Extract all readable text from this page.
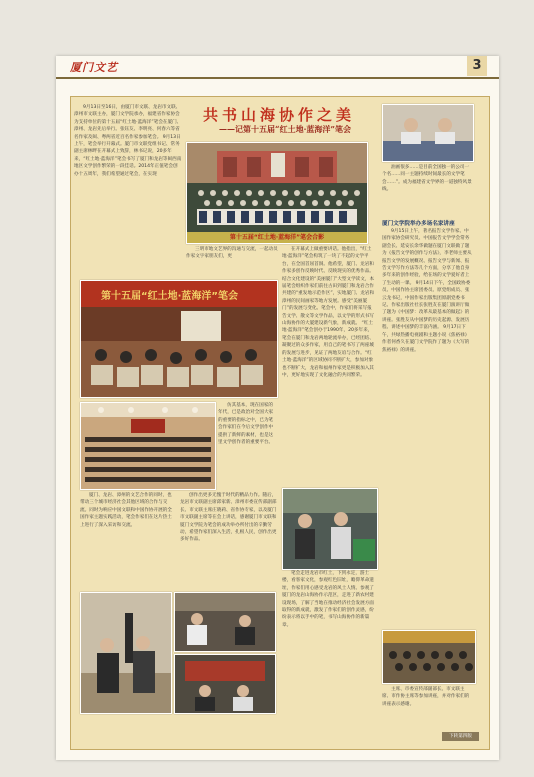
厦门文艺	3

9月13日至16日，由厦门市文联、龙岩市文联、漳州市文联主办，厦门文学院承办，福建省作家协会为支持单位的第十五届“红土地·蓝海洋”笔会在厦门、漳州、龙岩先后举行。张钰友、李明亮、何春六等省名作家及闽、粤两省近百名作家参加笔会。 9月13日上午，笔会举行开幕式。厦门市文联党组书记、常务副主席林畔在开幕式上致辞，林书记说，20多年来，“红土地·蓝海洋”笔会书写了厦门和龙岩等闽西南地区文学创作繁荣的一段佳话。2014年正值笔会创办十五周年，我们希望通过笔会，在实现

共书山海协作之美
——记第十五届“红土地·蓝海洋”笔会
第十五届“红土地·蓝海洋”笔会合影

油画很多……是目前全国独一的公司一个名……同一主题持续时间最长的文学笔会……”。成为福建省文学界的一道独特风景线。

厦门文学院举办多场名家讲座

9月15日上午，著名报告文学作家、中国作家协会研究员、中国报告文学学会常务副会长、延安长余华做题在厦门文联做了题为《报告文学的创作与方法》，李老师主要从报告文学的发展概况、报告文学与新闻、报告文学写作方法等几个方面，分享了他自身多年来的创作经验，给在场的文学爱好者上了生动的一课。 9月14日下午，全国政协委员、中国作协主席团委员、原党组成员、张云龙书记，中国作家出版集团原副党委书记、作家出版社社长张胜友在厦门演讲厅做了题为《中国梦：改革从最基本的做起》的讲座。张胜友从中国梦的历史起源、发展历程、讲述中国梦的丰富内涵。 9月17日下午，共绿热播电视剧和主题小说《焦裕禄》作者何香久在厦门文学院作了题为《大写的焦裕禄》的讲座。

三明市地文艺界的沟通与交流，一起动员作家文字家朋友们，更

在开幕式上做重要讲话。他指出，“红土地·蓝海洋”笔会构筑了一块了不起的文学平台，在全国首屈首洞。他希望，厦门、龙岩和作家多创作反映时代、反映现实的优秀作品。 结合文化建设的“美丽厦门”大型文学读文，本届笔会组织作家们前往古田到厦门和龙岩合作共建的“重发地示范作区”，实地厦门、龙岩和漳州的民间画家等地方发展。感受“美丽厦门”的发展与变化。笔会中，作家们将采写报告文学、散文等文学作品，以文学的形式书写山海协作的大厦建设新气象，新成就。 “红土地·蓝海洋”笔会创办于1990年，20多年来，笔会在厦门和龙岩两地轮流举办，已经团结、凝聚过的众多作家，用自己的笔书写了两座城的发展与进步，见证了两地友谊与合作。“红土地·蓝海洋”的区域协同不断扩大，参加对象也不断扩大，龙岩和福州作家更是积极加入其中，更好地实现了文化融合的共同繁荣。

第十五届“红土地·蓝海洋”笔会

仿其基本，现在国家的年代，已是政治对全国大家的重要的指标之中，已为笔会作家们在今后文学创作中提供了新鲜的素材，也是这里文学创作者的重要平台。

厦门、龙岩、漳州的文艺合作的同时，也带动三个城市经济社会其他区域的合作与交流。同时为响应中国文联和中国作协开展的全国作家主题实践活动，笔会作家们在这片热土上进行了深入采访和交流。

创作出更多无愧于时代的精品力作。随后，龙岩市文联副主席邱家新、漳州市委宣传部副部长、市文联主席庄晓莉、省作协专家，以及厦门市文联副主席等在会上讲话，感谢厦门市文联和厦门文学院为笔会的成功举办所付出的辛勤劳动，希望作家们深入生活，扎根人民，创作出更多好作品。

笔会走进龙岩市红土，下到永定，游土楼，看客家文化，参观红色旧址，瞻仰革命遗址，作家们用心感受龙岩的风土人情。参观了厦门的龙岩山海协作示范区，走进了新农村建设现场，了解了当地在推动经济社会发展方面取得的新成就，激发了作家们的创作灵感，纷纷表示将以手中的笔，书写山海协作的新篇章。

主席、市委宣传部副部长、市文联主席、市作协主席等参加讲座，并对作家们的讲座表示感谢。

下转第四版
